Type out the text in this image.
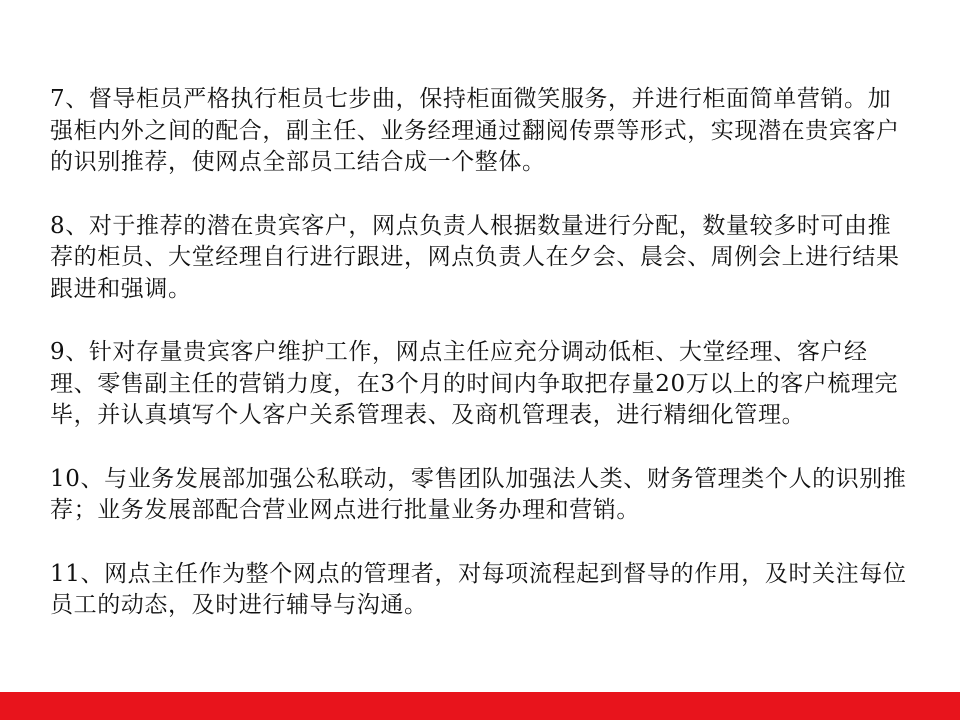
7、督导柜员严格执行柜员七步曲，保持柜面微笑服务，并进行柜面简单营销。加强柜内外之间的配合，副主任、业务经理通过翻阅传票等形式，实现潜在贵宾客户的识别推荐，使网点全部员工结合成一个整体。

8、对于推荐的潜在贵宾客户，网点负责人根据数量进行分配，数量较多时可由推荐的柜员、大堂经理自行进行跟进，网点负责人在夕会、晨会、周例会上进行结果跟进和强调。

9、针对存量贵宾客户维护工作，网点主任应充分调动低柜、大堂经理、客户经理、零售副主任的营销力度，在3个月的时间内争取把存量20万以上的客户梳理完毕，并认真填写个人客户关系管理表、及商机管理表，进行精细化管理。

10、与业务发展部加强公私联动，零售团队加强法人类、财务管理类个人的识别推荐；业务发展部配合营业网点进行批量业务办理和营销。

11、网点主任作为整个网点的管理者，对每项流程起到督导的作用，及时关注每位员工的动态，及时进行辅导与沟通。
